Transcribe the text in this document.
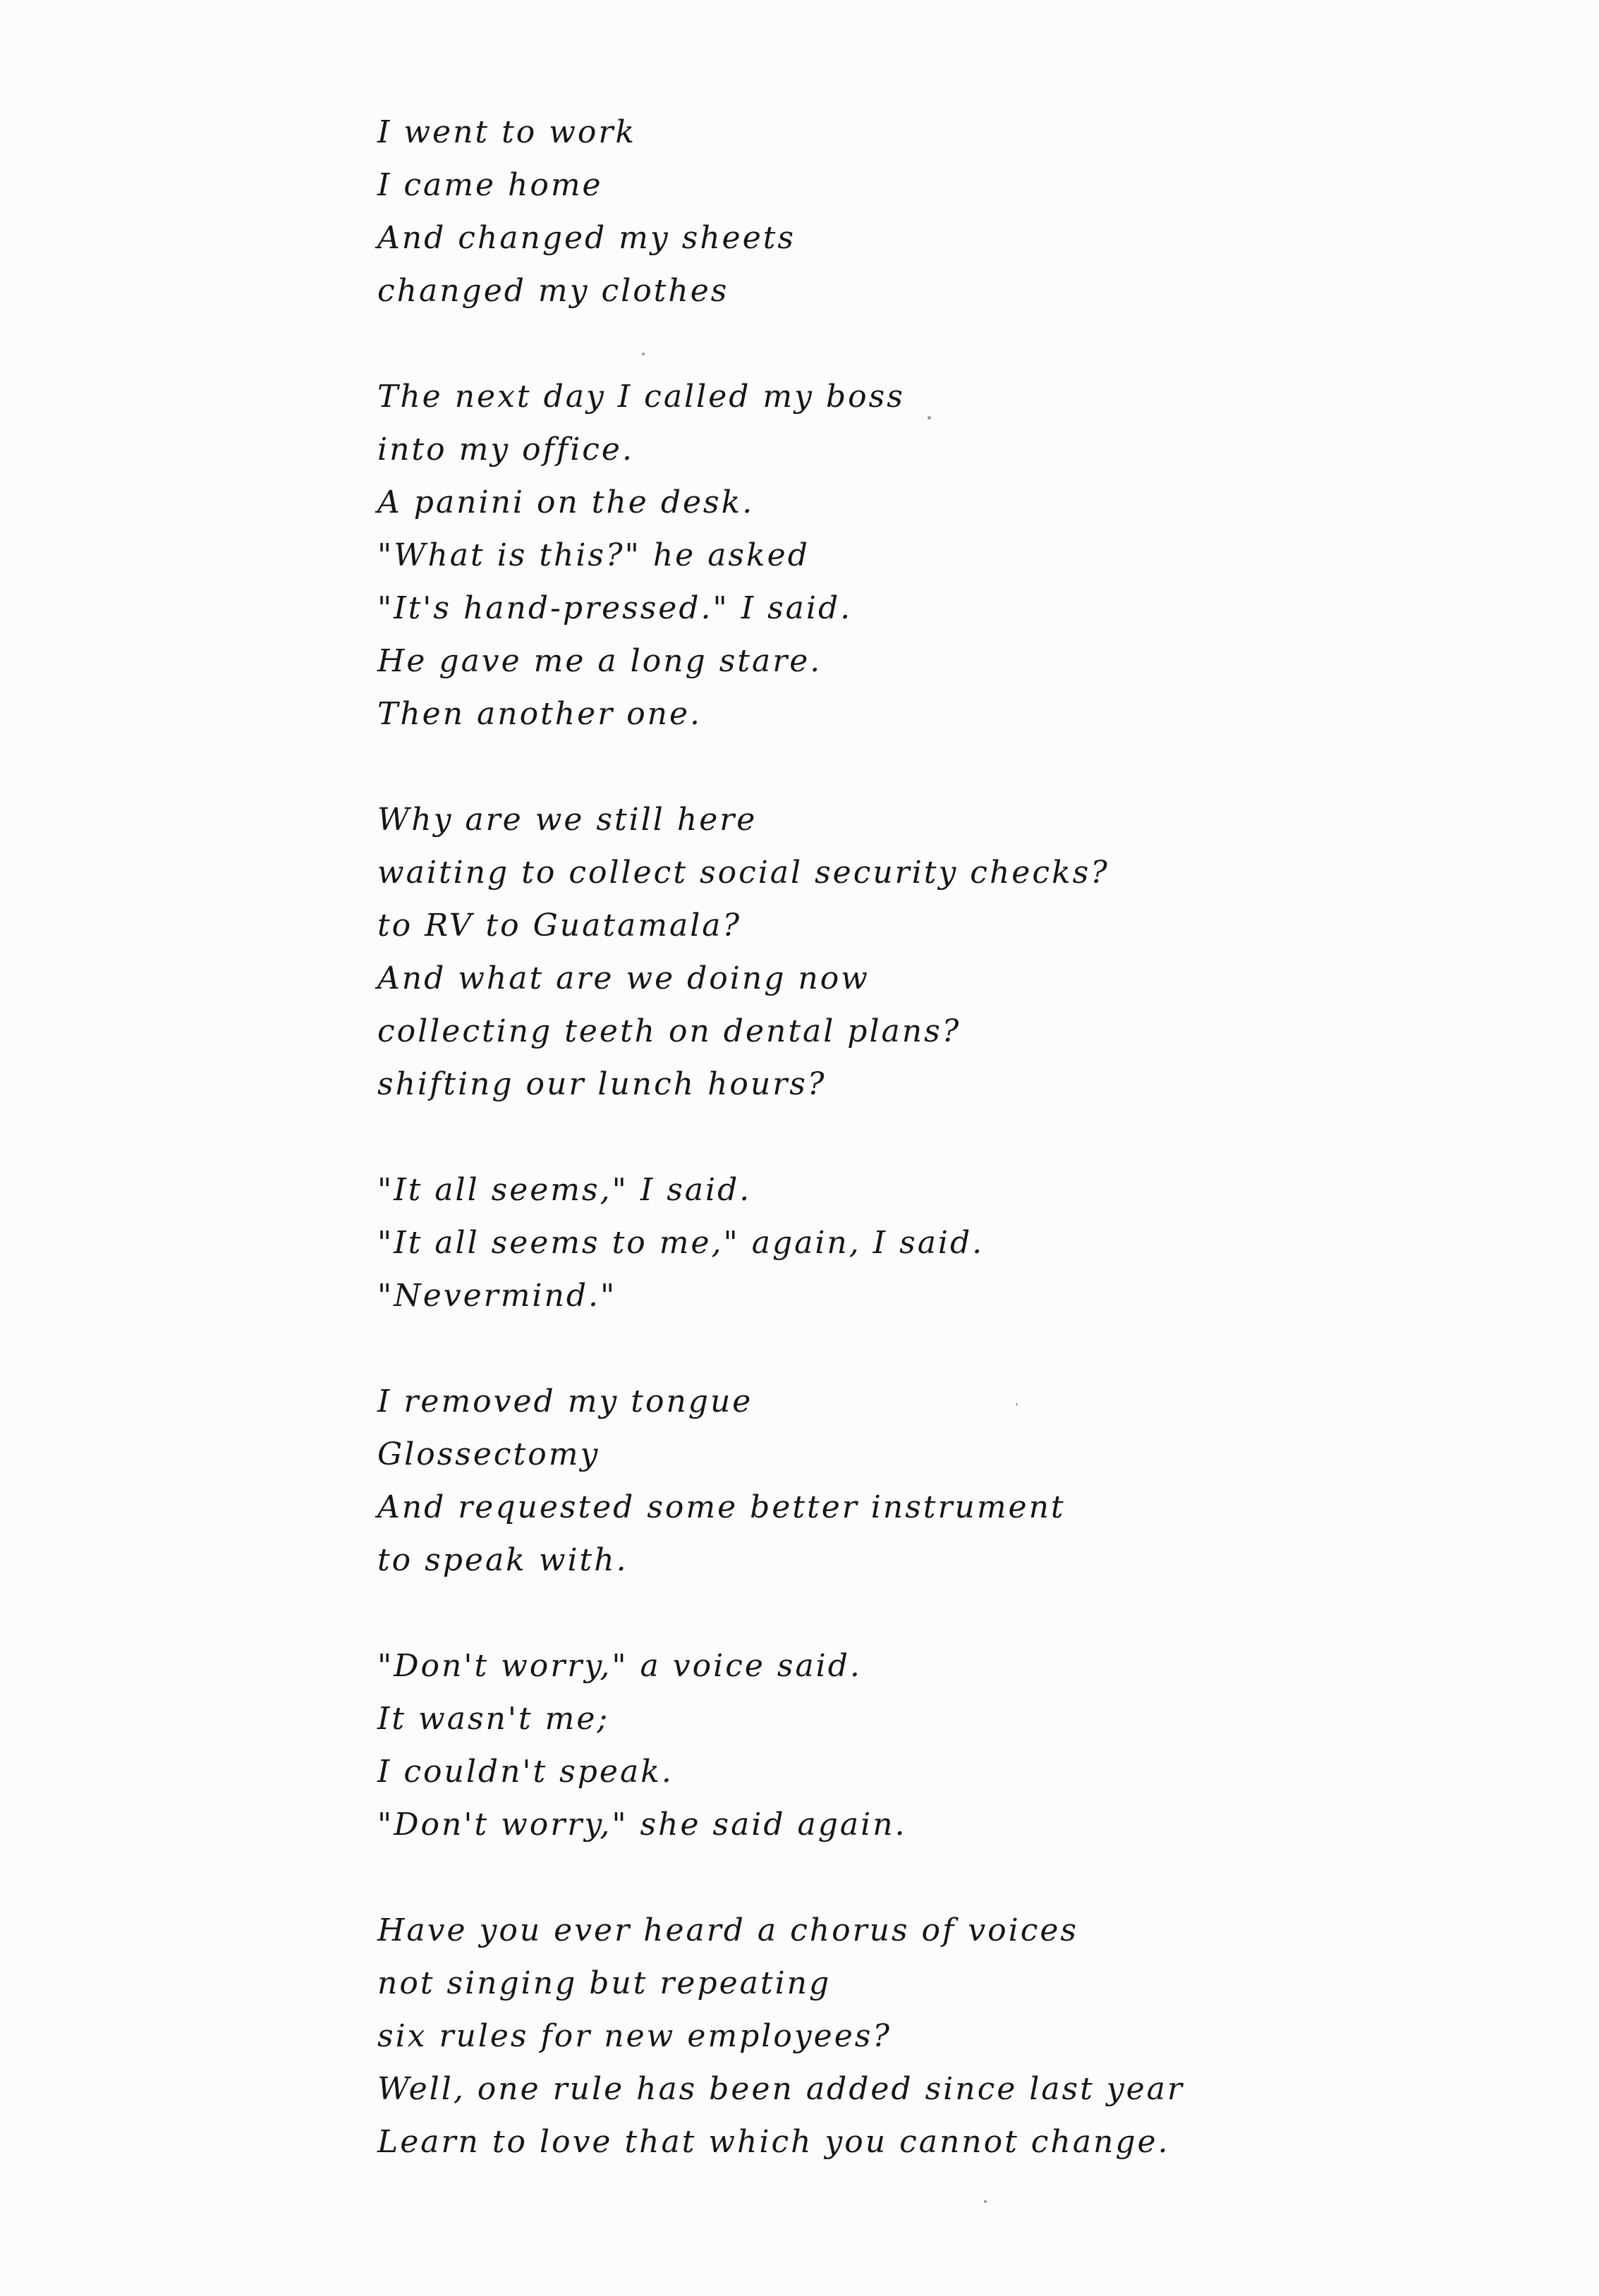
I went to work
I came home
And changed my sheets
changed my clothes
The next day I called my boss
into my office.
A panini on the desk.
"What is this?" he asked
"It's hand-pressed." I said.
He gave me a long stare.
Then another one.
Why are we still here
waiting to collect social security checks?
to RV to Guatamala?
And what are we doing now
collecting teeth on dental plans?
shifting our lunch hours?
"It all seems," I said.
"It all seems to me," again, I said.
"Nevermind."
I removed my tongue
Glossectomy
And requested some better instrument
to speak with.
"Don't worry," a voice said.
It wasn't me;
I couldn't speak.
"Don't worry," she said again.
Have you ever heard a chorus of voices
not singing but repeating
six rules for new employees?
Well, one rule has been added since last year
Learn to love that which you cannot change.
